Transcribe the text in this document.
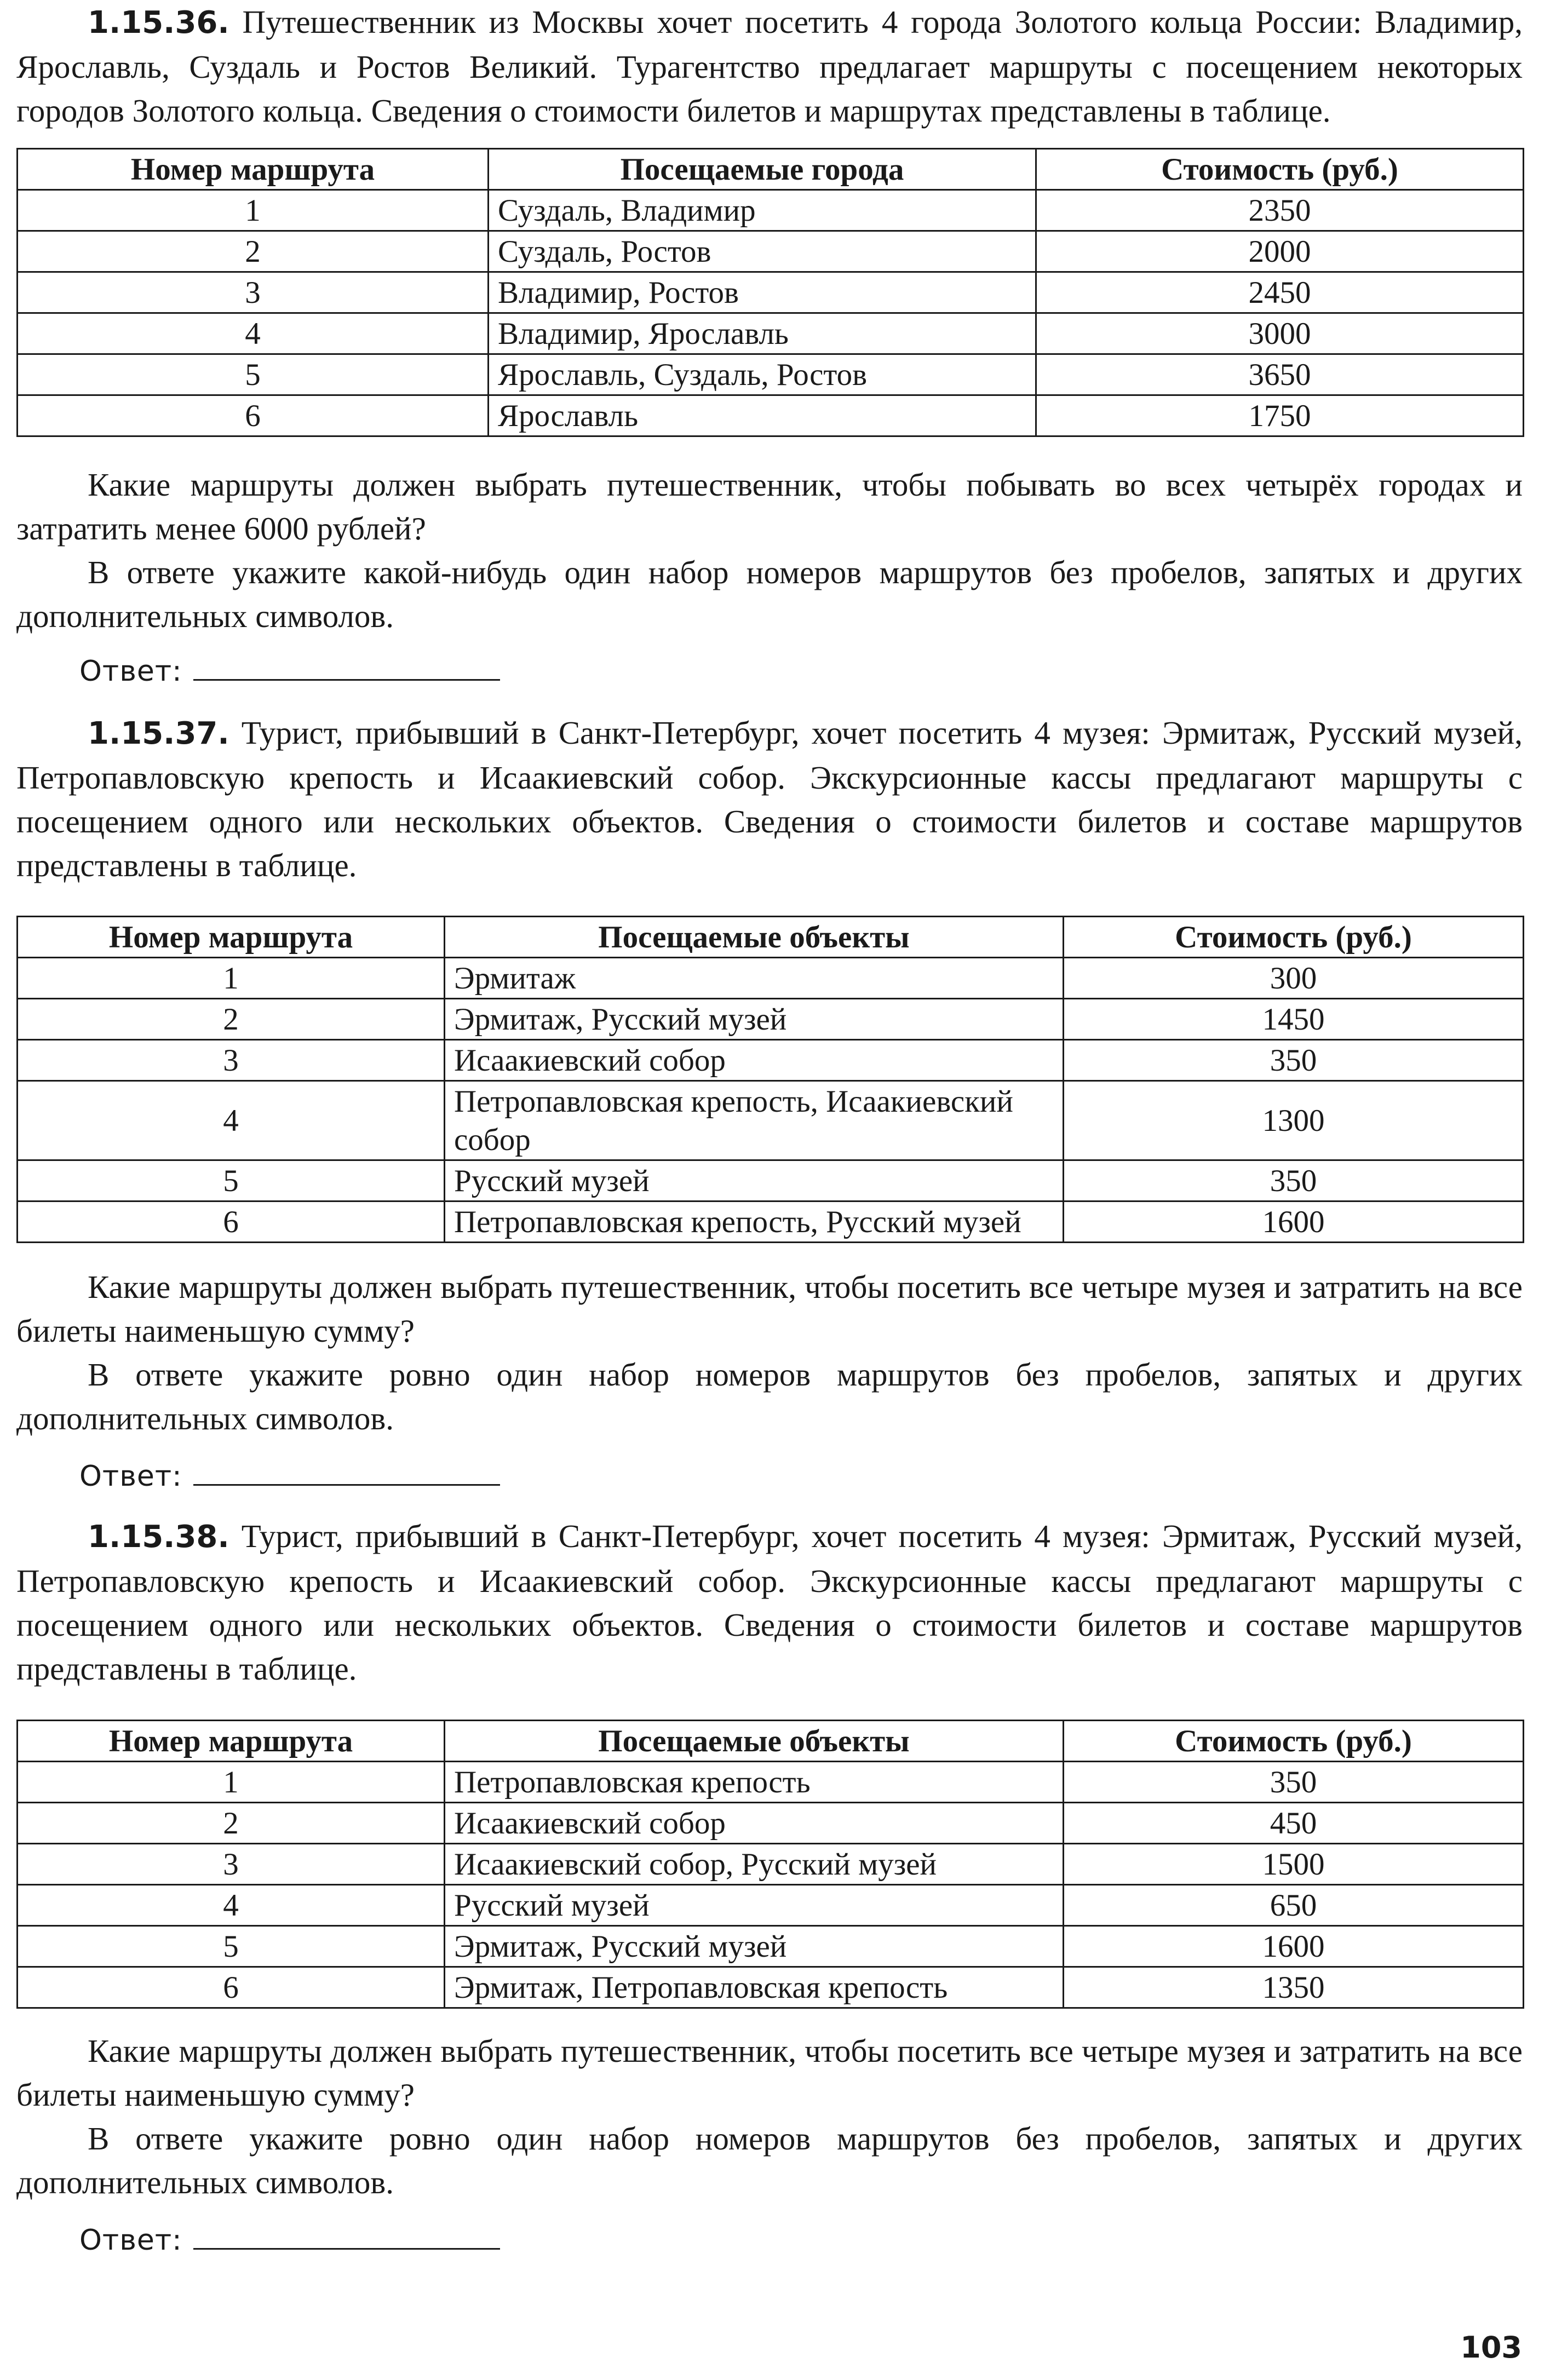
1.15.36. Путешественник из Москвы хочет посетить 4 города Золотого кольца России: Владимир, Ярославль, Суздаль и Ростов Великий. Турагентство предлагает маршруты с посещением некоторых городов Золотого кольца. Сведения о стоимости билетов и маршрутах представлены в таблице.

Номер маршрута	Посещаемые города	Стоимость (руб.)
1	Суздаль, Владимир	2350
2	Суздаль, Ростов	2000
3	Владимир, Ростов	2450
4	Владимир, Ярославль	3000
5	Ярославль, Суздаль, Ростов	3650
6	Ярославль	1750

Какие маршруты должен выбрать путешественник, чтобы побывать во всех четырёх городах и затратить менее 6000 рублей?

В ответе укажите какой-нибудь один набор номеров маршрутов без пробелов, запятых и других дополнительных символов.

Ответ:

1.15.37. Турист, прибывший в Санкт-Петербург, хочет посетить 4 музея: Эрмитаж, Русский музей, Петропавловскую крепость и Исаакиевский собор. Экскурсионные кассы предлагают маршруты с посещением одного или нескольких объектов. Сведения о стоимости билетов и составе маршрутов представлены в таблице.

Номер маршрута	Посещаемые объекты	Стоимость (руб.)
1	Эрмитаж	300
2	Эрмитаж, Русский музей	1450
3	Исаакиевский собор	350
4	Петропавловская крепость, Исаакиевский собор	1300
5	Русский музей	350
6	Петропавловская крепость, Русский музей	1600

Какие маршруты должен выбрать путешественник, чтобы посетить все четыре музея и затратить на все билеты наименьшую сумму?

В ответе укажите ровно один набор номеров маршрутов без пробелов, запятых и других дополнительных символов.

Ответ:

1.15.38. Турист, прибывший в Санкт-Петербург, хочет посетить 4 музея: Эрмитаж, Русский музей, Петропавловскую крепость и Исаакиевский собор. Экскурсионные кассы предлагают маршруты с посещением одного или нескольких объектов. Сведения о стоимости билетов и составе маршрутов представлены в таблице.

Номер маршрута	Посещаемые объекты	Стоимость (руб.)
1	Петропавловская крепость	350
2	Исаакиевский собор	450
3	Исаакиевский собор, Русский музей	1500
4	Русский музей	650
5	Эрмитаж, Русский музей	1600
6	Эрмитаж, Петропавловская крепость	1350

Какие маршруты должен выбрать путешественник, чтобы посетить все четыре музея и затратить на все билеты наименьшую сумму?

В ответе укажите ровно один набор номеров маршрутов без пробелов, запятых и других дополнительных символов.

Ответ:
103
